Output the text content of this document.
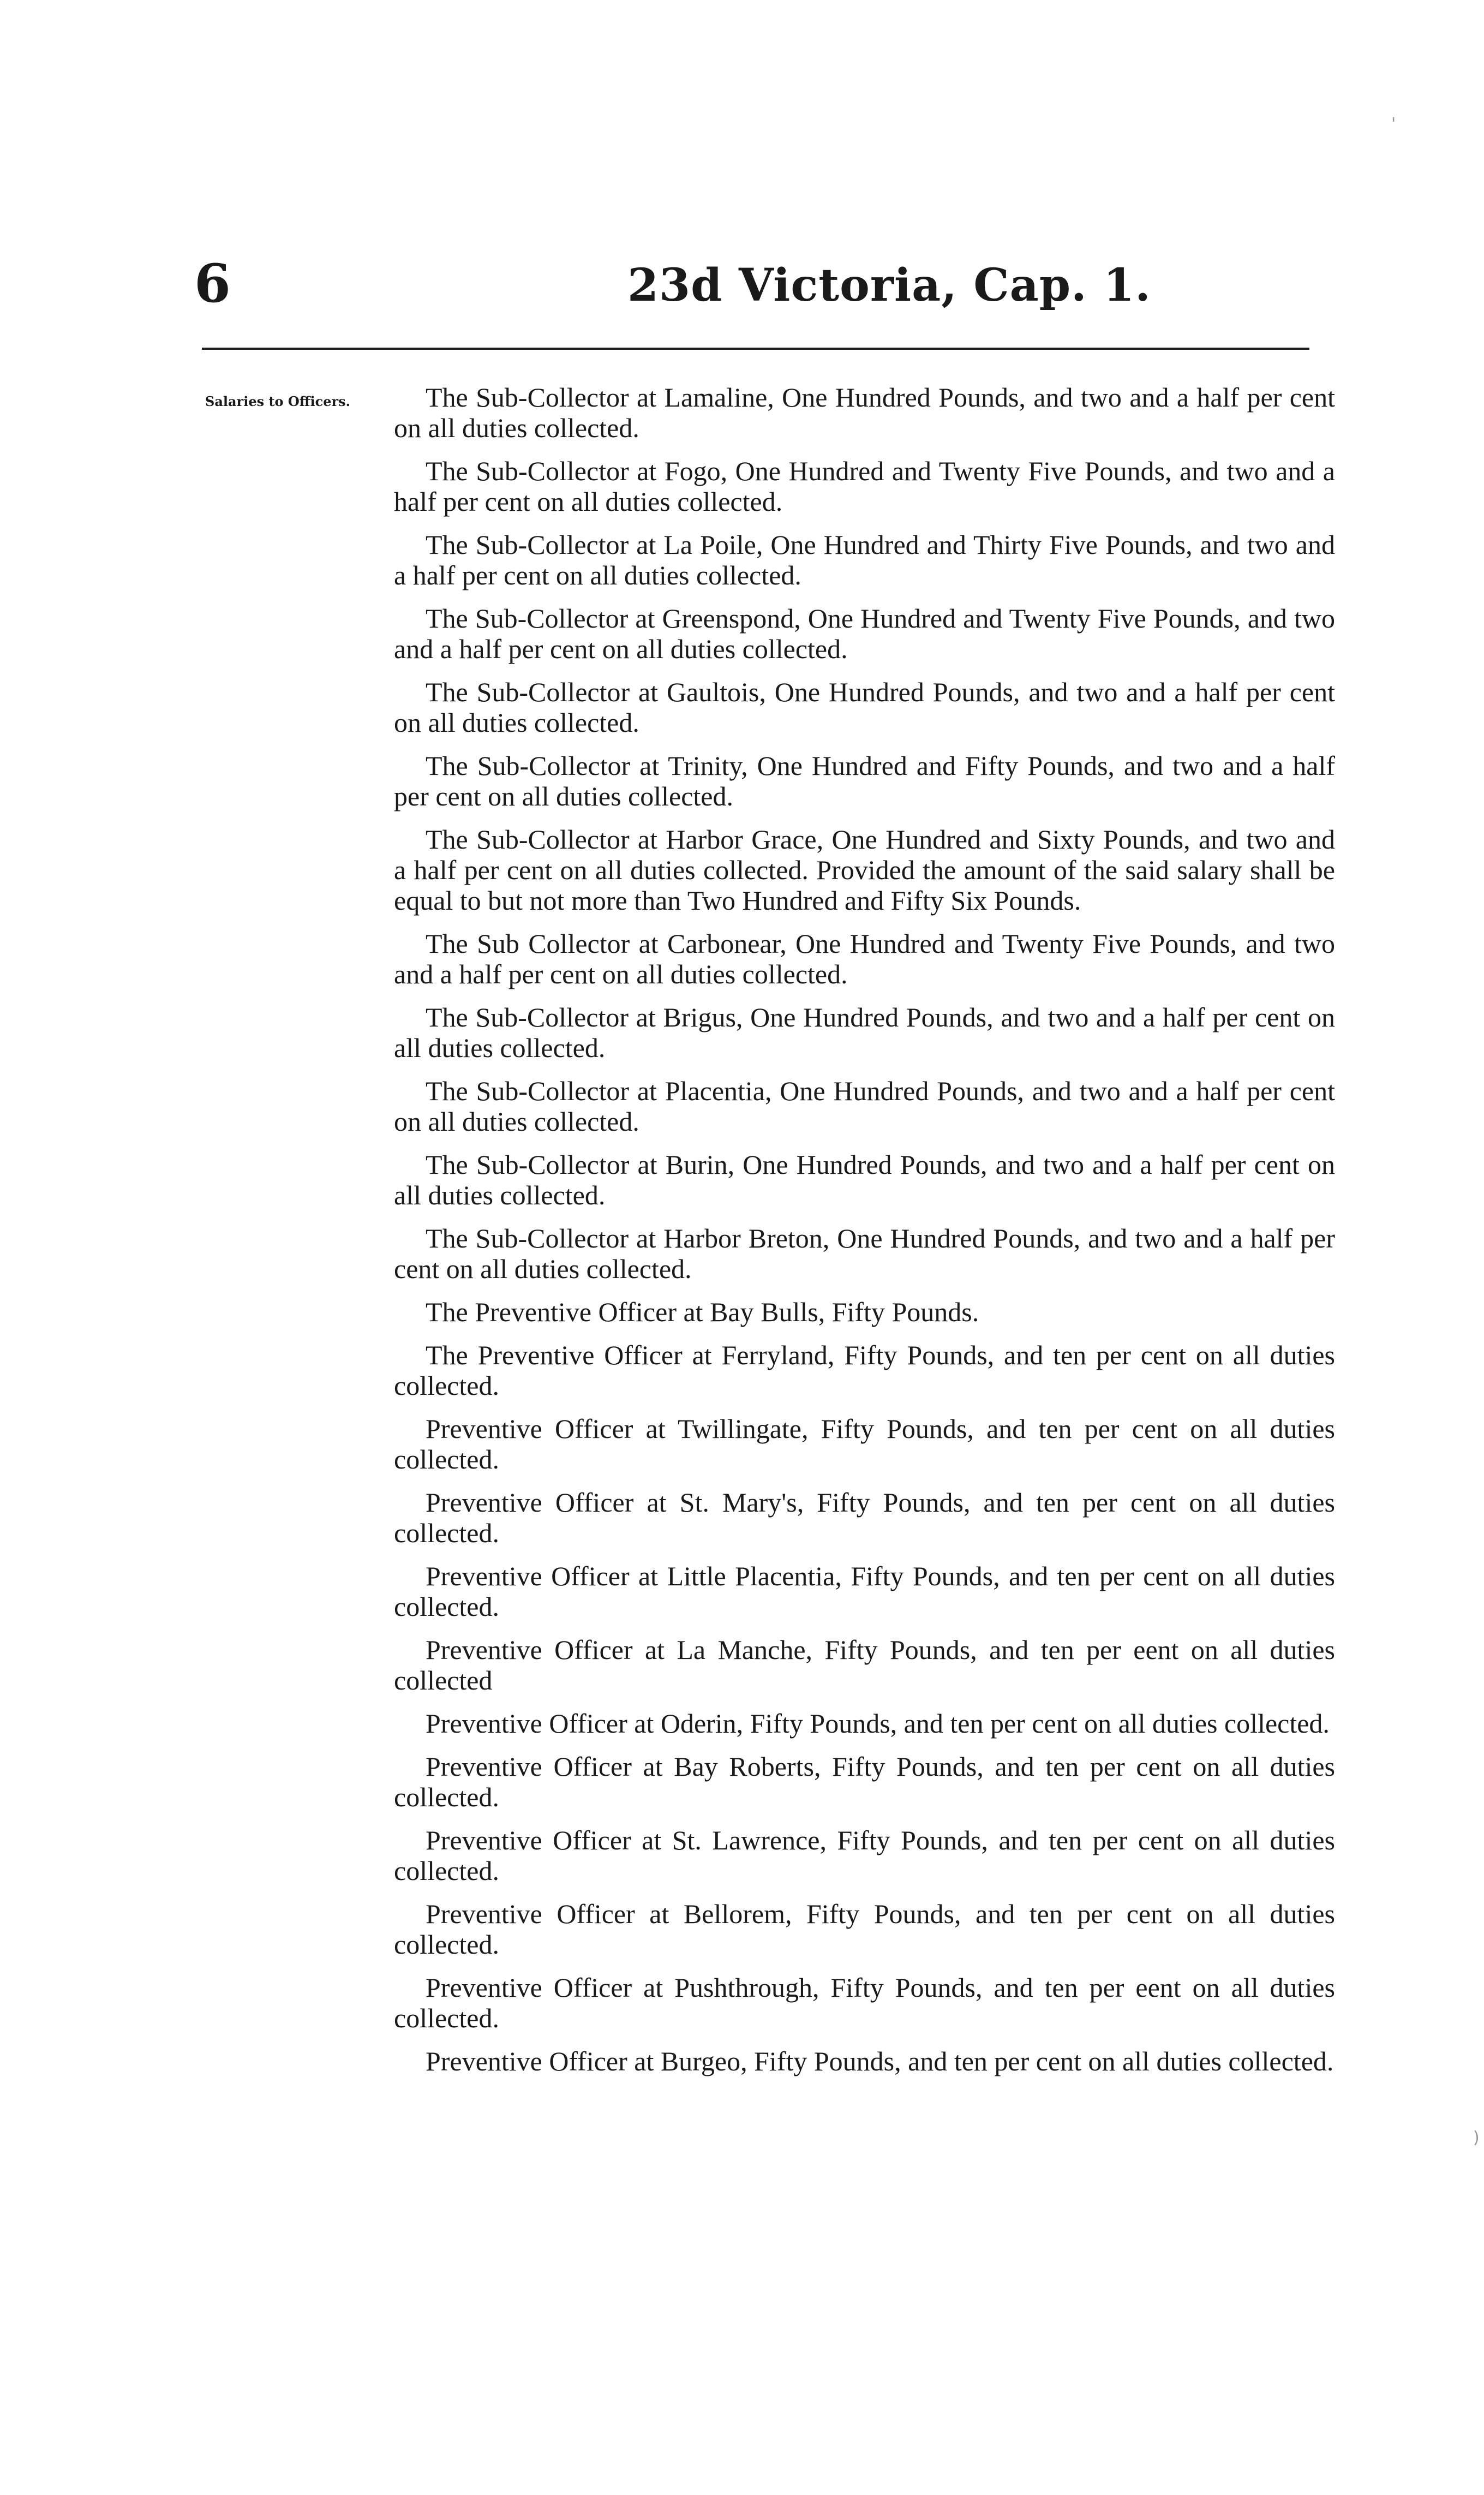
6	23d Victoria, Cap. 1.
Salaries to Officers.	The Sub-Collector at Lamaline, One Hundred Pounds, and two and a half per cent on all duties collected.

The Sub-Collector at Fogo, One Hundred and Twenty Five Pounds, and two and a half per cent on all duties collected.

The Sub-Collector at La Poile, One Hundred and Thirty Five Pounds, and two and a half per cent on all duties collected.

The Sub-Collector at Greenspond, One Hundred and Twenty Five Pounds, and two and a half per cent on all duties collected.

The Sub-Collector at Gaultois, One Hundred Pounds, and two and a half per cent on all duties collected.

The Sub-Collector at Trinity, One Hundred and Fifty Pounds, and two and a half per cent on all duties collected.

The Sub-Collector at Harbor Grace, One Hundred and Sixty Pounds, and two and a half per cent on all duties collected. Provided the amount of the said salary shall be equal to but not more than Two Hundred and Fifty Six Pounds.

The Sub Collector at Carbonear, One Hundred and Twenty Five Pounds, and two and a half per cent on all duties collected.

The Sub-Collector at Brigus, One Hundred Pounds, and two and a half per cent on all duties collected.

The Sub-Collector at Placentia, One Hundred Pounds, and two and a half per cent on all duties collected.

The Sub-Collector at Burin, One Hundred Pounds, and two and a half per cent on all duties collected.

The Sub-Collector at Harbor Breton, One Hundred Pounds, and two and a half per cent on all duties collected.

The Preventive Officer at Bay Bulls, Fifty Pounds.

The Preventive Officer at Ferryland, Fifty Pounds, and ten per cent on all duties collected.

Preventive Officer at Twillingate, Fifty Pounds, and ten per cent on all duties collected.

Preventive Officer at St. Mary's, Fifty Pounds, and ten per cent on all duties collected.

Preventive Officer at Little Placentia, Fifty Pounds, and ten per cent on all duties collected.

Preventive Officer at La Manche, Fifty Pounds, and ten per eent on all duties collected

Preventive Officer at Oderin, Fifty Pounds, and ten per cent on all duties collected.

Preventive Officer at Bay Roberts, Fifty Pounds, and ten per cent on all duties collected.

Preventive Officer at St. Lawrence, Fifty Pounds, and ten per cent on all duties collected.

Preventive Officer at Bellorem, Fifty Pounds, and ten per cent on all duties collected.

Preventive Officer at Pushthrough, Fifty Pounds, and ten per eent on all duties collected.

Preventive Officer at Burgeo, Fifty Pounds, and ten per cent on all duties collected.

'
)
